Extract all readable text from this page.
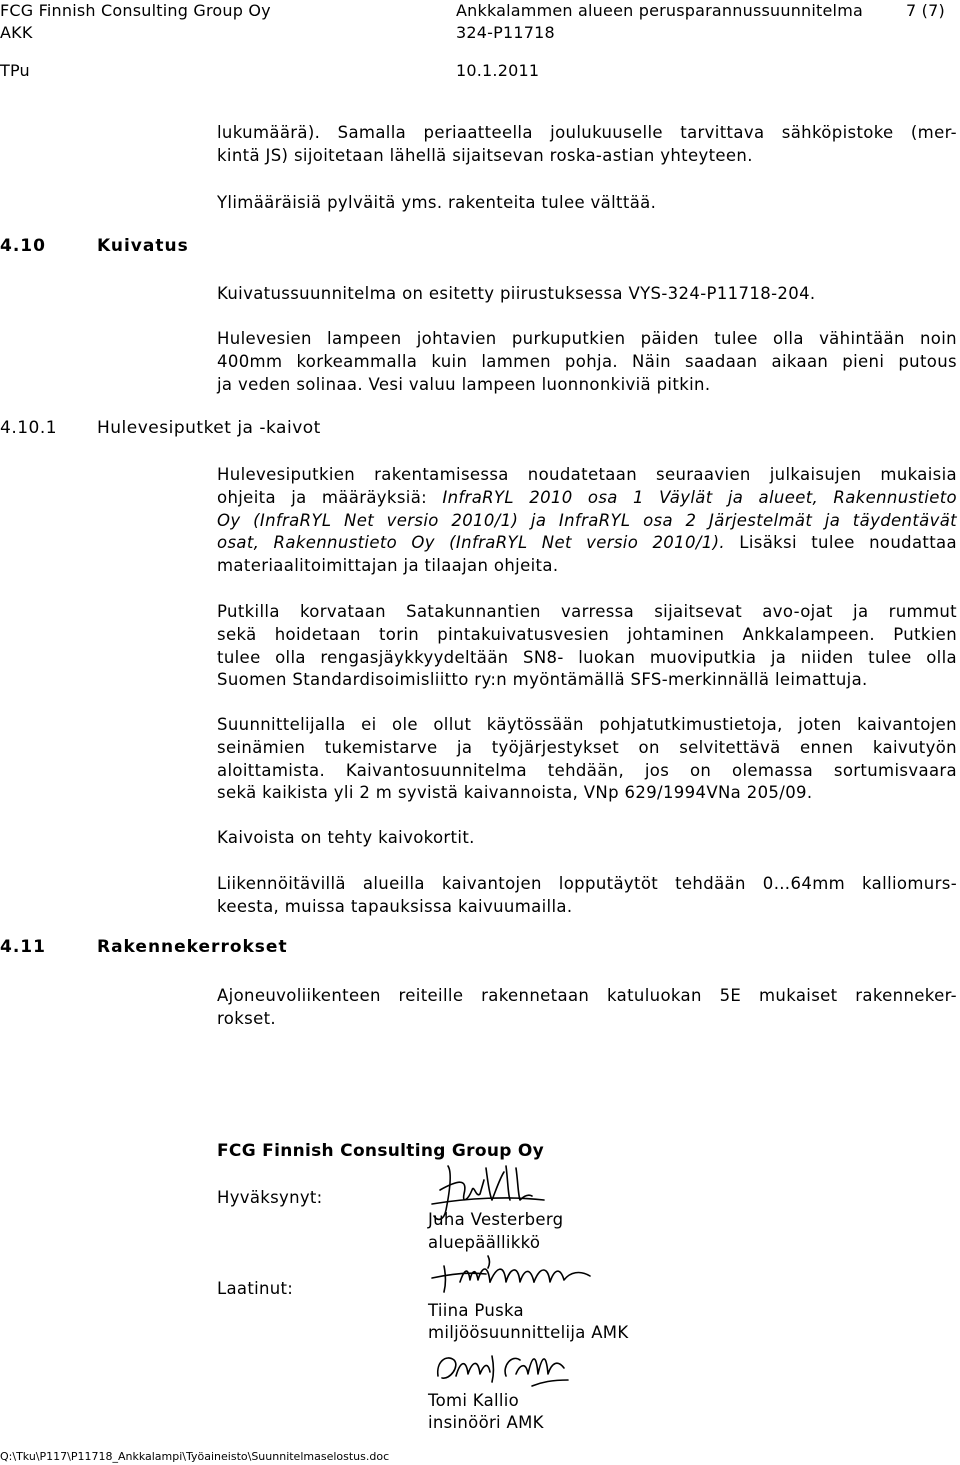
FCG Finnish Consulting Group Oy
AKK
TPu
Ankkalammen alueen perusparannussuunnitelma
324-P11718
10.1.2011
7 (7)
lukumäärä). Samalla periaatteella joulukuuselle tarvittava sähköpistoke (mer-
kintä JS) sijoitetaan lähellä sijaitsevan roska-astian yhteyteen.
Ylimääräisiä pylväitä yms. rakenteita tulee välttää.
4.10	Kuivatus
4.10.1 Hulevesiputket ja -kaivot
4.11	Rakennekerrokset
Kuivatussuunnitelma on esitetty piirustuksessa VYS-324-P11718-204.
Hulevesien lampeen johtavien purkuputkien päiden tulee olla vähintään noin
400mm korkeammalla kuin lammen pohja. Näin saadaan aikaan pieni putous
ja veden solinaa. Vesi valuu lampeen luonnonkiviä pitkin.
Hulevesiputkien rakentamisessa noudatetaan seuraavien julkaisujen mukaisia
ohjeita ja määräyksiä: InfraRYL 2010 osa 1 Väylät ja alueet, Rakennustieto
Oy (InfraRYL Net versio 2010/1) ja InfraRYL osa 2 Järjestelmät ja täydentävät
osat, Rakennustieto Oy (InfraRYL Net versio 2010/1). Lisäksi tulee noudattaa
materiaalitoimittajan ja tilaajan ohjeita.
Putkilla korvataan Satakunnantien varressa sijaitsevat avo-ojat ja rummut
sekä hoidetaan torin pintakuivatusvesien johtaminen Ankkalampeen. Putkien
tulee olla rengasjäykkyydeltään SN8- luokan muoviputkia ja niiden tulee olla
Suomen Standardisoimisliitto ry:n myöntämällä SFS-merkinnällä leimattuja.
Suunnittelijalla ei ole ollut käytössään pohjatutkimustietoja, joten kaivantojen
seinämien tukemistarve ja työjärjestykset on selvitettävä ennen kaivutyön
aloittamista. Kaivantosuunnitelma tehdään, jos on olemassa sortumisvaara
sekä kaikista yli 2 m syvistä kaivannoista, VNp 629/1994VNa 205/09.
Kaivoista on tehty kaivokortit.
Liikennöitävillä alueilla kaivantojen lopputäytöt tehdään 0…64mm kalliomurs-
keesta, muissa tapauksissa kaivuumailla.
Ajoneuvoliikenteen reiteille rakennetaan katuluokan 5E mukaiset rakenneker-
rokset.
FCG Finnish Consulting Group Oy
Hyväksynyt:
Juha Vesterberg
aluepäällikkö
Laatinut:
Tiina Puska
miljöösuunnittelija AMK
Tomi Kallio
insinööri AMK
Q:\Tku\P117\P11718_Ankkalampi\Työaineisto\Suunnitelmaselostus.doc
